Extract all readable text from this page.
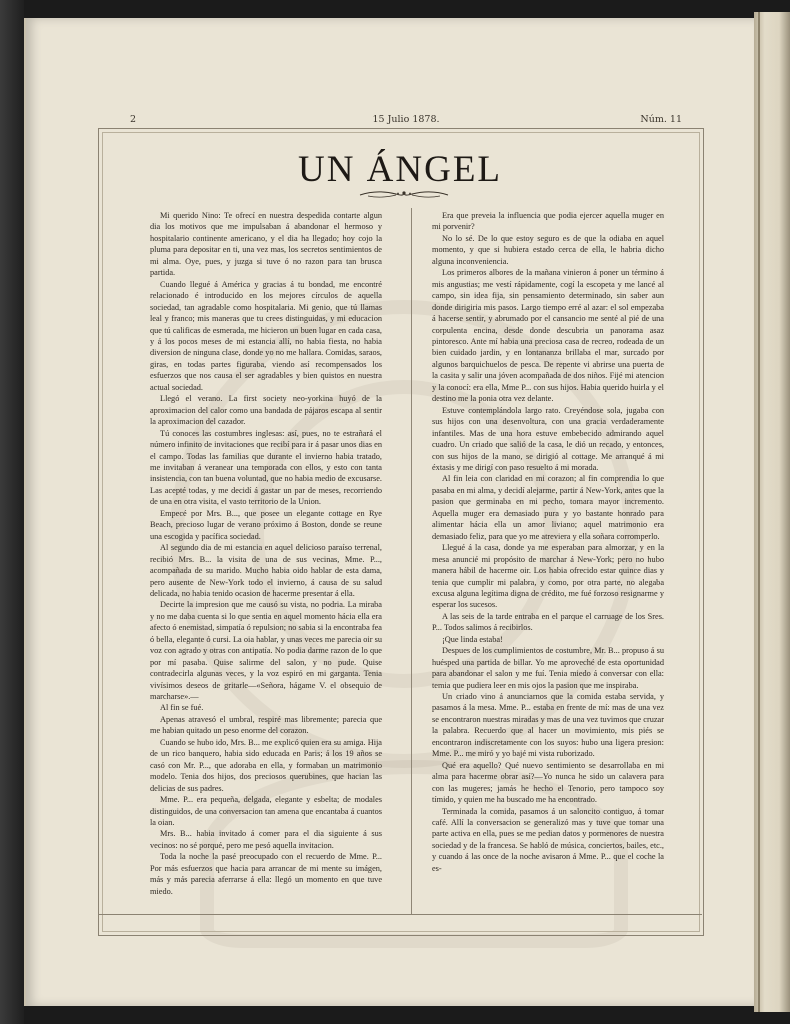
2	15 Julio 1878.	Núm. 11
UN ÁNGEL

Mi querido Nino: Te ofrecí en nuestra despedida contarte algun dia los motivos que me impulsaban á abandonar el hermoso y hospitalario continente americano, y el dia ha llegado; hoy cojo la pluma para depositar en ti, una vez mas, los secretos sentimientos de mi alma. Oye, pues, y juzga si tuve ó no razon para tan brusca partida.

Cuando llegué á América y gracias á tu bondad, me encontré relacionado é introducido en los mejores círculos de aquella sociedad, tan agradable como hospitalaria. Mi genio, que tú llamas leal y franco; mis maneras que tu crees distinguidas, y mi educacion que tú calificas de esmerada, me hicieron un buen lugar en cada casa, y á los pocos meses de mi estancia allí, no habia fiesta, no habia diversion de ninguna clase, donde yo no me hallara. Comidas, saraos, giras, en todas partes figuraba, viendo así recompensados los esfuerzos que nos causa el ser agradables y bien quistos en nuestra actual sociedad.

Llegó el verano. La first society neo-yorkina huyó de la aproximacion del calor como una bandada de pájaros escapa al sentir la aproximacion del cazador.

Tú conoces las costumbres inglesas: así, pues, no te estrañará el número infinito de invitaciones que recibí para ir á pasar unos dias en el campo. Todas las familias que durante el invierno habia tratado, me invitaban á veranear una temporada con ellos, y esto con tanta insistencia, con tan buena voluntad, que no habia medio de excusarse. Las acepté todas, y me decidí á gastar un par de meses, recorriendo de una en otra visita, el vasto territorio de la Union.

Empecé por Mrs. B..., que posee un elegante cottage en Rye Beach, precioso lugar de verano próximo á Boston, donde se reune una escogida y pacífica sociedad.

Al segundo dia de mi estancia en aquel delicioso paraíso terrenal, recibió Mrs. B... la visita de una de sus vecinas, Mme. P..., acompañada de su marido. Mucho habia oido hablar de esta dama, pero ausente de New-York todo el invierno, á causa de su salud delicada, no habia tenido ocasion de hacerme presentar á ella.

Decirte la impresion que me causó su vista, no podria. La miraba y no me daba cuenta si lo que sentia en aquel momento hácia ella era afecto ó enemistad, simpatía ó repulsion; no sabia si la encontraba fea ó bella, elegante ó cursi. La oia hablar, y unas veces me parecia oir su voz con agrado y otras con antipatía. No podia darme razon de lo que por mí pasaba. Quise salirme del salon, y no pude. Quise contradecirla algunas veces, y la voz espiró en mi garganta. Tenia vivísimos deseos de gritarle—«Señora, hágame V. el obsequio de marcharse».—

Al fin se fué.

Apenas atravesó el umbral, respiré mas libremente; parecia que me habian quitado un peso enorme del corazon.

Cuando se hubo ido, Mrs. B... me explicó quien era su amiga. Hija de un rico banquero, habia sido educada en Paris; á los 19 años se casó con Mr. P..., que adoraba en ella, y formaban un matrimonio modelo. Tenia dos hijos, dos preciosos querubines, que hacian las delicias de sus padres.

Mme. P... era pequeña, delgada, elegante y esbelta; de modales distinguidos, de una conversacion tan amena que encantaba á cuantos la oian.

Mrs. B... habia invitado á comer para el dia siguiente á sus vecinos: no sé porqué, pero me pesó aquella invitacion.

Toda la noche la pasé preocupado con el recuerdo de Mme. P... Por más esfuerzos que hacia para arrancar de mi mente su imágen, más y más parecia aferrarse á ella: llegó un momento en que tuve miedo.

Era que preveia la influencia que podia ejercer aquella muger en mi porvenir?

No lo sé. De lo que estoy seguro es de que la odiaba en aquel momento, y que si hubiera estado cerca de ella, le habria dicho alguna inconveniencia.

Los primeros albores de la mañana vinieron á poner un término á mis angustias; me vestí rápidamente, cogí la escopeta y me lancé al campo, sin idea fija, sin pensamiento determinado, sin saber aun donde dirigiria mis pasos. Largo tiempo erré al azar: el sol empezaba á hacerse sentir, y abrumado por el cansancio me senté al pié de una corpulenta encina, desde donde descubria un panorama asaz pintoresco. Ante mí habia una preciosa casa de recreo, rodeada de un bien cuidado jardin, y en lontananza brillaba el mar, surcado por algunos barquichuelos de pesca. De repente vi abrirse una puerta de la casita y salir una jóven acompañada de dos niños. Fijé mi atencion y la conocí: era ella, Mme P... con sus hijos. Habia querido huirla y el destino me la ponia otra vez delante.

Estuve contemplándola largo rato. Creyéndose sola, jugaba con sus hijos con una desenvoltura, con una gracia verdaderamente infantiles. Mas de una hora estuve embebecido admirando aquel cuadro. Un criado que salió de la casa, le dió un recado, y entonces, con sus hijos de la mano, se dirigió al cottage. Me arranqué á mi éxtasis y me dirigí con paso resuelto á mi morada.

Al fin leia con claridad en mi corazon; al fin comprendia lo que pasaba en mi alma, y decidí alejarme, partir á New-York, antes que la pasion que germinaba en mi pecho, tomara mayor incremento. Aquella muger era demasiado pura y yo bastante honrado para alimentar hácia ella un amor liviano; aquel matrimonio era demasiado feliz, para que yo me atreviera y ella soñara corromperlo.

Llegué á la casa, donde ya me esperaban para almorzar, y en la mesa anuncié mi propósito de marchar á New-York; pero no hubo manera hábil de hacerme oir. Los habia ofrecido estar quince dias y tenia que cumplir mi palabra, y como, por otra parte, no alegaba excusa alguna legítima digna de crédito, me fué forzoso resignarme y esperar los sucesos.

A las seis de la tarde entraba en el parque el carruage de los Sres. P... Todos salimos á recibirlos.

¡Que linda estaba!

Despues de los cumplimientos de costumbre, Mr. B... propuso á su huésped una partida de billar. Yo me aproveché de esta oportunidad para abandonar el salon y me fuí. Tenia miedo á conversar con ella: temia que pudiera leer en mis ojos la pasion que me inspiraba.

Un criado vino á anunciarnos que la comida estaba servida, y pasamos á la mesa. Mme. P... estaba en frente de mí: mas de una vez se encontraron nuestras miradas y mas de una vez tuvimos que cruzar la palabra. Recuerdo que al hacer un movimiento, mis piés se encontraron indiscretamente con los suyos: hubo una ligera presion: Mme. P... me miró y yo bajé mi vista ruborizado.

Qué era aquello? Qué nuevo sentimiento se desarrollaba en mi alma para hacerme obrar así?—Yo nunca he sido un calavera para con las mugeres; jamás he hecho el Tenorio, pero tampoco soy tímido, y quien me ha buscado me ha encontrado.

Terminada la comida, pasamos á un saloncito contiguo, á tomar café. Allí la conversacion se generalizó mas y tuve que tomar una parte activa en ella, pues se me pedian datos y pormenores de nuestra sociedad y de la francesa. Se habló de música, conciertos, bailes, etc., y cuando á las once de la noche avisaron á Mme. P... que el coche la es-
